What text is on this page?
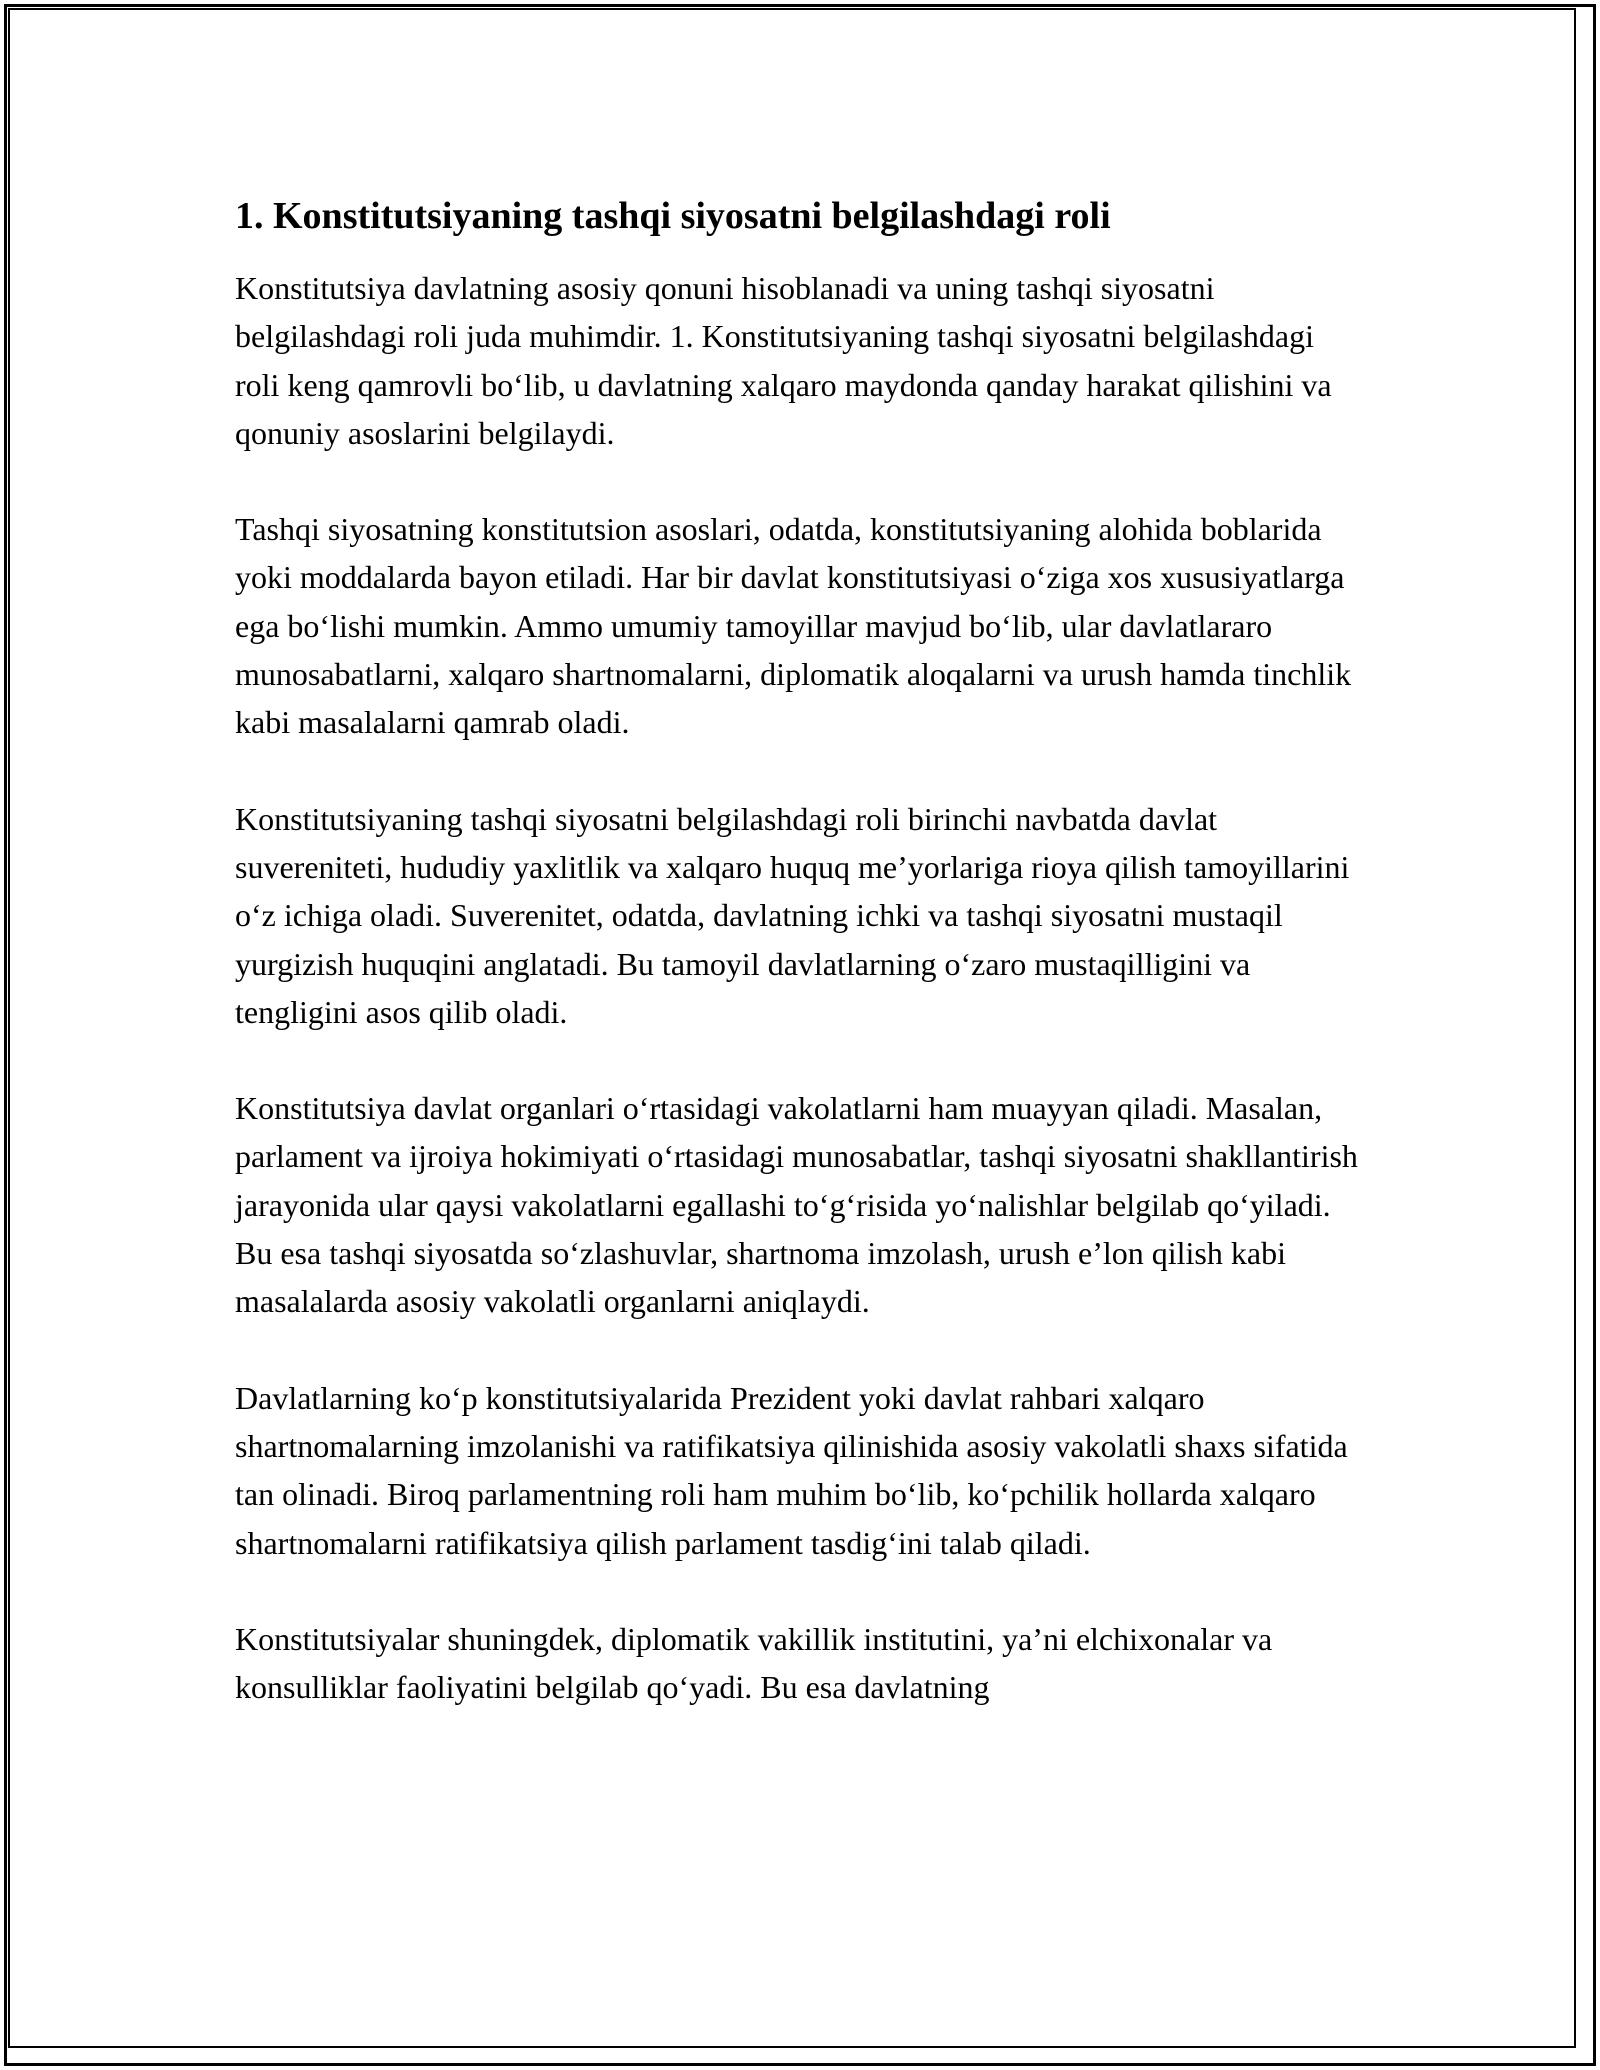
1. Konstitutsiyaning tashqi siyosatni belgilashdagi roli

Konstitutsiya davlatning asosiy qonuni hisoblanadi va uning tashqi siyosatni belgilashdagi roli juda muhimdir. 1. Konstitutsiyaning tashqi siyosatni belgilashdagi roli keng qamrovli bo‘lib, u davlatning xalqaro maydonda qanday harakat qilishini va qonuniy asoslarini belgilaydi.

Tashqi siyosatning konstitutsion asoslari, odatda, konstitutsiyaning alohida boblarida yoki moddalarda bayon etiladi. Har bir davlat konstitutsiyasi o‘ziga xos xususiyatlarga ega bo‘lishi mumkin. Ammo umumiy tamoyillar mavjud bo‘lib, ular davlatlararo munosabatlarni, xalqaro shartnomalarni, diplomatik aloqalarni va urush hamda tinchlik kabi masalalarni qamrab oladi.

Konstitutsiyaning tashqi siyosatni belgilashdagi roli birinchi navbatda davlat suvereniteti, hududiy yaxlitlik va xalqaro huquq me’yorlariga rioya qilish tamoyillarini o‘z ichiga oladi. Suverenitet, odatda, davlatning ichki va tashqi siyosatni mustaqil yurgizish huquqini anglatadi. Bu tamoyil davlatlarning o‘zaro mustaqilligini va tengligini asos qilib oladi.

Konstitutsiya davlat organlari o‘rtasidagi vakolatlarni ham muayyan qiladi. Masalan, parlament va ijroiya hokimiyati o‘rtasidagi munosabatlar, tashqi siyosatni shakllantirish jarayonida ular qaysi vakolatlarni egallashi to‘g‘risida yo‘nalishlar belgilab qo‘yiladi. Bu esa tashqi siyosatda so‘zlashuvlar, shartnoma imzolash, urush e’lon qilish kabi masalalarda asosiy vakolatli organlarni aniqlaydi.

Davlatlarning ko‘p konstitutsiyalarida Prezident yoki davlat rahbari xalqaro shartnomalarning imzolanishi va ratifikatsiya qilinishida asosiy vakolatli shaxs sifatida tan olinadi. Biroq parlamentning roli ham muhim bo‘lib, ko‘pchilik hollarda xalqaro shartnomalarni ratifikatsiya qilish parlament tasdig‘ini talab qiladi.

Konstitutsiyalar shuningdek, diplomatik vakillik institutini, ya’ni elchixonalar va konsulliklar faoliyatini belgilab qo‘yadi. Bu esa davlatning
